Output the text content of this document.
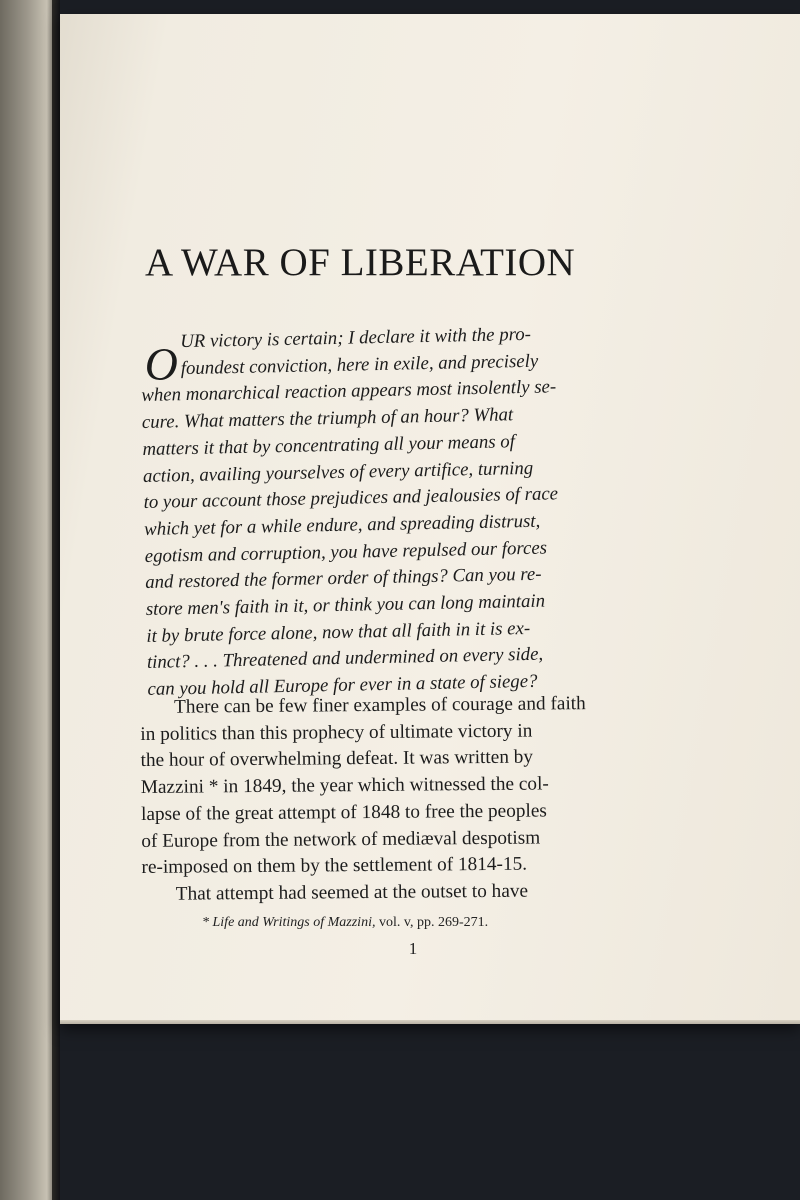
A WAR OF LIBERATION
O
UR victory is certain; I declare it with the pro-
foundest conviction, here in exile, and precisely
when monarchical reaction appears most insolently se-
cure. What matters the triumph of an hour? What
matters it that by concentrating all your means of
action, availing yourselves of every artifice, turning
to your account those prejudices and jealousies of race
which yet for a while endure, and spreading distrust,
egotism and corruption, you have repulsed our forces
and restored the former order of things? Can you re-
store men's faith in it, or think you can long maintain
it by brute force alone, now that all faith in it is ex-
tinct? . . . Threatened and undermined on every side,
can you hold all Europe for ever in a state of siege?
There can be few finer examples of courage and faith
in politics than this prophecy of ultimate victory in
the hour of overwhelming defeat. It was written by
Mazzini * in 1849, the year which witnessed the col-
lapse of the great attempt of 1848 to free the peoples
of Europe from the network of mediæval despotism
re-imposed on them by the settlement of 1814-15.
That attempt had seemed at the outset to have
* Life and Writings of Mazzini, vol. v, pp. 269-271.
1
